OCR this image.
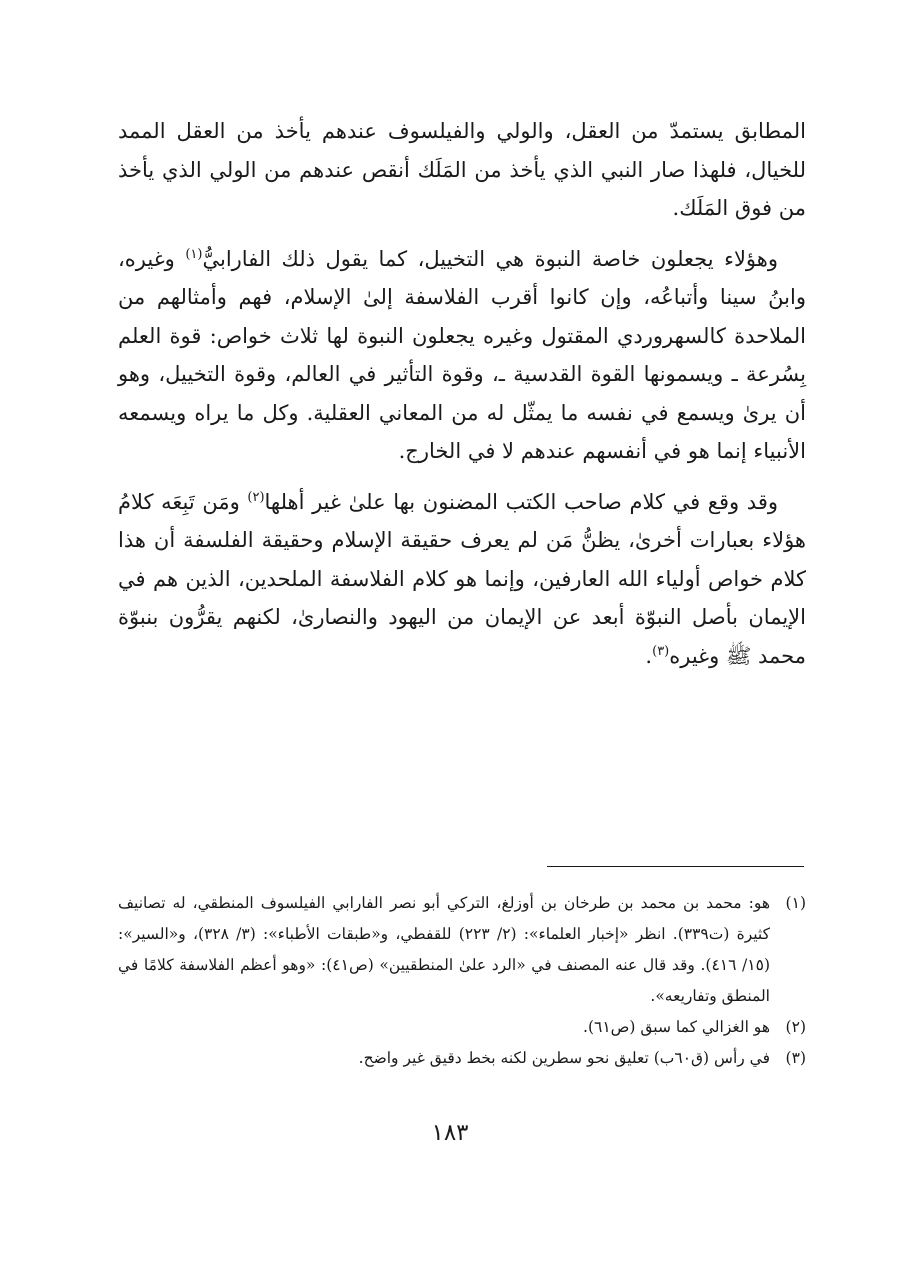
المطابق يستمدّ من العقل، والولي والفيلسوف عندهم يأخذ من العقل الممد للخيال، فلهذا صار النبي الذي يأخذ من المَلَك أنقص عندهم من الولي الذي يأخذ من فوق المَلَك.

وهؤلاء يجعلون خاصة النبوة هي التخييل، كما يقول ذلك الفارابيُّ$^{(١)}$ وغيره، وابنُ سينا وأتباعُه، وإن كانوا أقرب الفلاسفة إلىٰ الإسلام، فهم وأمثالهم من الملاحدة كالسهروردي المقتول وغيره يجعلون النبوة لها ثلاث خواص: قوة العلم بِسُرعة ـ ويسمونها القوة القدسية ـ، وقوة التأثير في العالم، وقوة التخييل، وهو أن يرىٰ ويسمع في نفسه ما يمثّل له من المعاني العقلية. وكل ما يراه ويسمعه الأنبياء إنما هو في أنفسهم عندهم لا في الخارج.

وقد وقع في كلام صاحب الكتب المضنون بها علىٰ غير أهلها$^{(٢)}$ ومَن تَبِعَه كلامُ هؤلاء بعبارات أخرىٰ، يظنُّ مَن لم يعرف حقيقة الإسلام وحقيقة الفلسفة أن هذا كلام خواص أولياء الله العارفين، وإنما هو كلام الفلاسفة الملحدين، الذين هم في الإيمان بأصل النبوّة أبعد عن الإيمان من اليهود والنصارىٰ، لكنهم يقرُّون بنبوّة محمد ﷺ وغيره$^{(٣)}$.

(١)
هو: محمد بن محمد بن طرخان بن أوزلغ، التركي أبو نصر الفارابي الفيلسوف المنطقي، له تصانيف كثيرة (ت٣٣٩). انظر «إخبار العلماء»: (٢/ ٢٢٣) للقفطي، و«طبقات الأطباء»: (٣/ ٣٢٨)، و«السير»: (١٥/ ٤١٦). وقد قال عنه المصنف في «الرد علىٰ المنطقيين» (ص٤١): «وهو أعظم الفلاسفة كلامًا في المنطق وتفاريعه».

(٢)
هو الغزالي كما سبق (ص٦١).

(٣)
في رأس (ق٦٠ب) تعليق نحو سطرين لكنه بخط دقيق غير واضح.

١٨٣
